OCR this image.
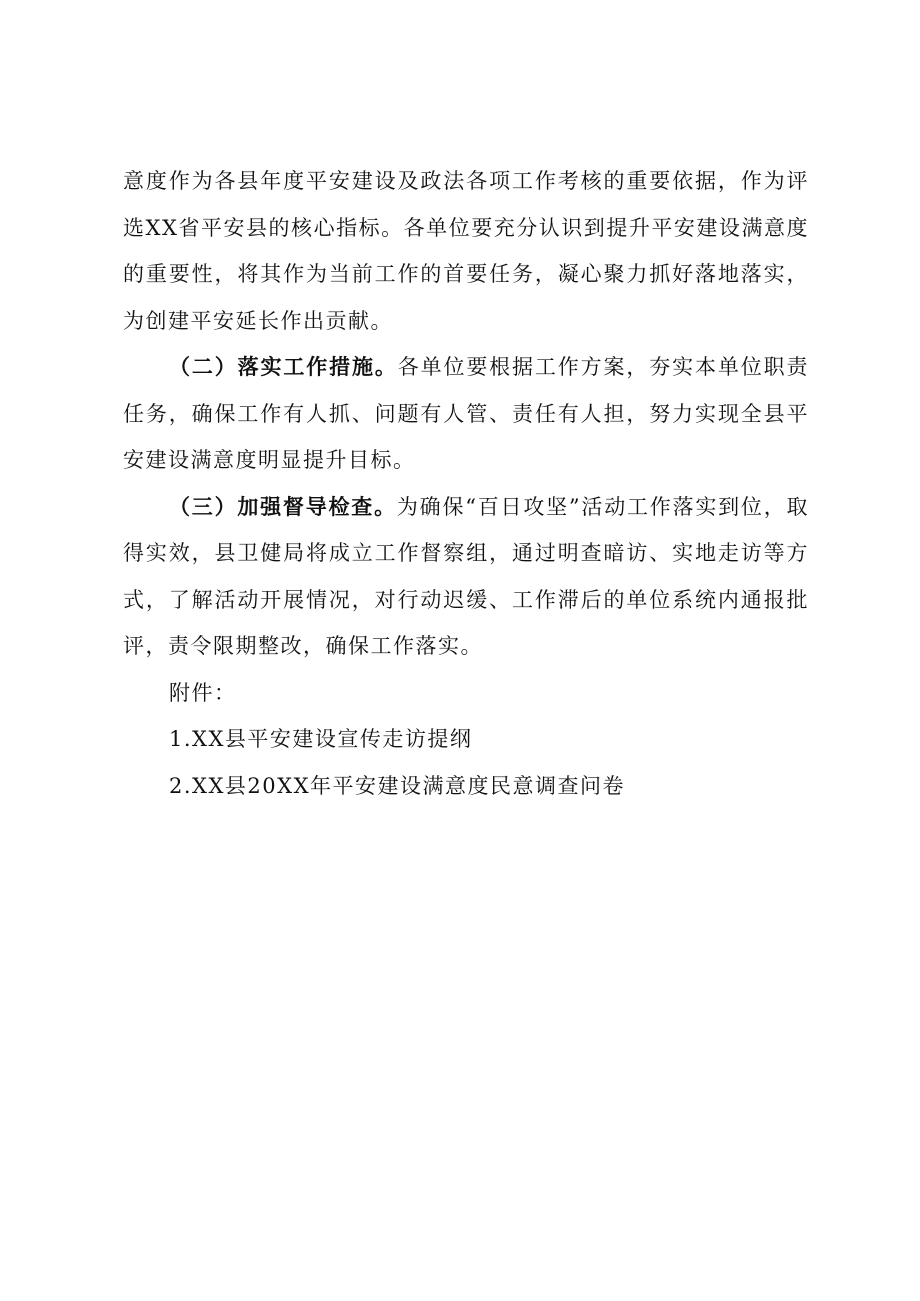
意度作为各县年度平安建设及政法各项工作考核的重要依据，作为评选XX省平安县的核心指标。各单位要充分认识到提升平安建设满意度的重要性，将其作为当前工作的首要任务，凝心聚力抓好落地落实，为创建平安延长作出贡献。

（二）落实工作措施。各单位要根据工作方案，夯实本单位职责任务，确保工作有人抓、问题有人管、责任有人担，努力实现全县平安建设满意度明显提升目标。

（三）加强督导检查。为确保“百日攻坚”活动工作落实到位，取得实效，县卫健局将成立工作督察组，通过明查暗访、实地走访等方式，了解活动开展情况，对行动迟缓、工作滞后的单位系统内通报批评，责令限期整改，确保工作落实。

附件：

1.XX县平安建设宣传走访提纲

2.XX县20XX年平安建设满意度民意调查问卷
